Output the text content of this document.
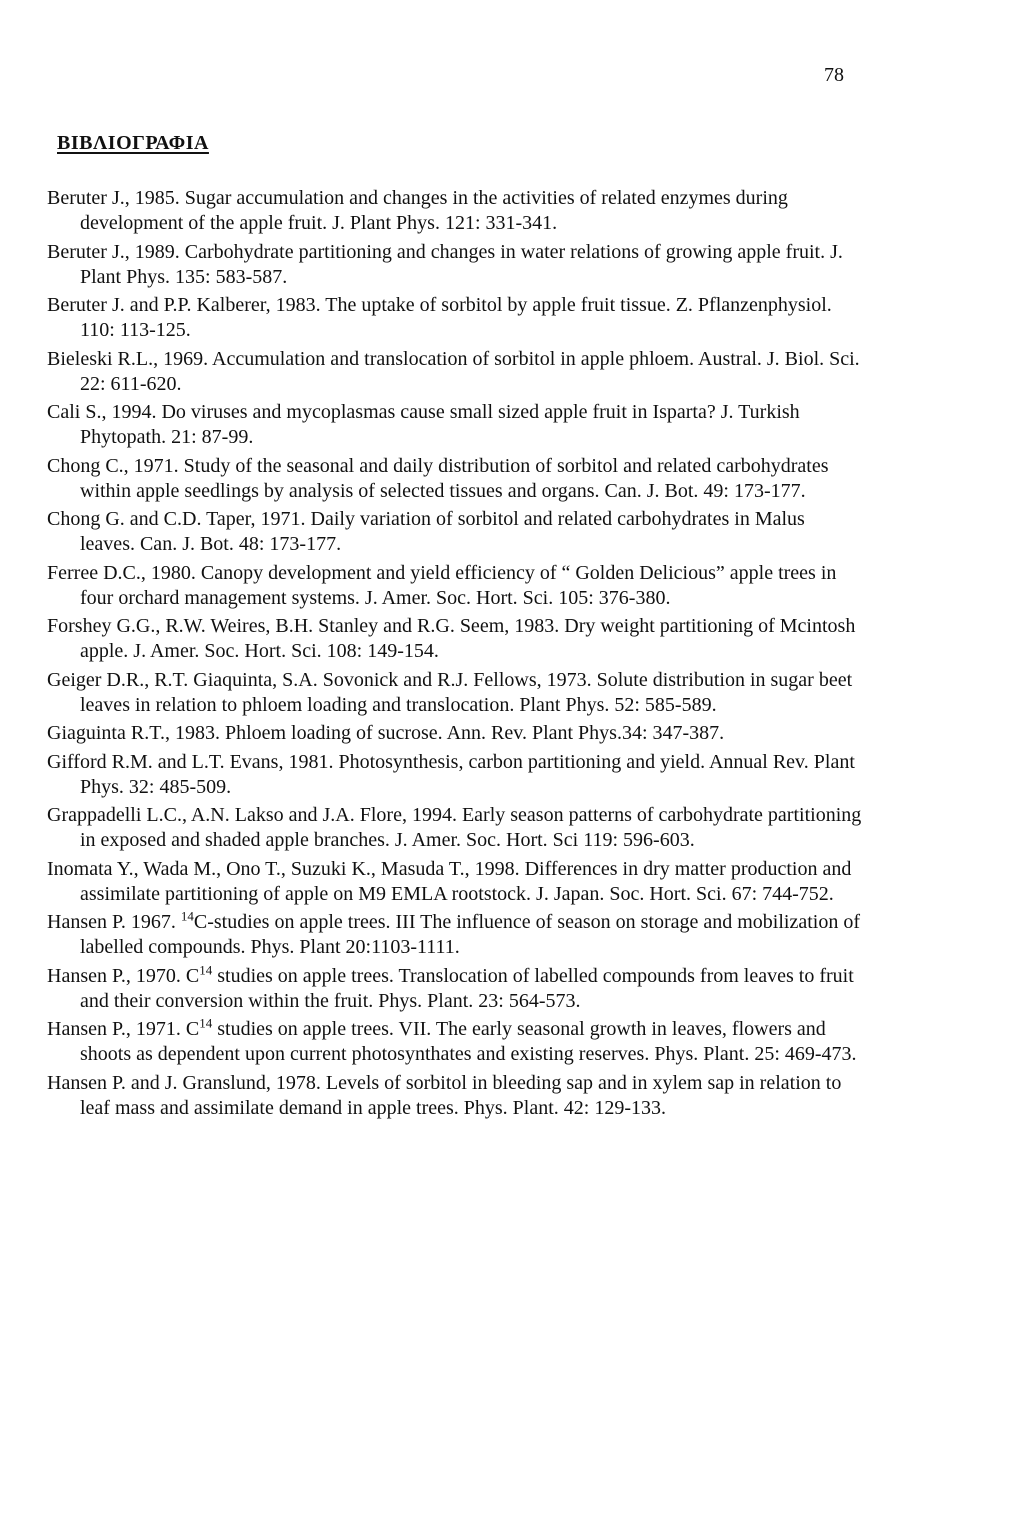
78
ΒΙΒΛΙΟΓΡΑΦΙΑ
Beruter J., 1985. Sugar accumulation and changes in the activities of related enzymes during development of the apple fruit. J. Plant Phys. 121: 331-341.
Beruter J., 1989. Carbohydrate partitioning and changes in water relations of growing apple fruit. J. Plant Phys. 135: 583-587.
Beruter J. and P.P. Kalberer, 1983. The uptake of sorbitol by apple fruit tissue. Z. Pflanzenphysiol. 110: 113-125.
Bieleski R.L., 1969. Accumulation and translocation of sorbitol in apple phloem. Austral. J. Biol. Sci. 22: 611-620.
Cali S., 1994. Do viruses and mycoplasmas cause small sized apple fruit in Isparta? J. Turkish Phytopath. 21: 87-99.
Chong C., 1971. Study of the seasonal and daily distribution of sorbitol and related carbohydrates within apple seedlings by analysis of selected tissues and organs. Can. J. Bot. 49: 173-177.
Chong G. and C.D. Taper, 1971. Daily variation of sorbitol and related carbohydrates in Malus leaves. Can. J. Bot. 48: 173-177.
Ferree D.C., 1980. Canopy development and yield efficiency of “ Golden Delicious” apple trees in four orchard management systems. J. Amer. Soc. Hort. Sci. 105: 376-380.
Forshey G.G., R.W. Weires, B.H. Stanley and R.G. Seem, 1983. Dry weight partitioning of Mcintosh apple. J. Amer. Soc. Hort. Sci. 108: 149-154.
Geiger D.R., R.T. Giaquinta, S.A. Sovonick and R.J. Fellows, 1973. Solute distribution in sugar beet leaves in relation to phloem loading and translocation. Plant Phys. 52: 585-589.
Giaguinta R.T., 1983. Phloem loading of sucrose. Ann. Rev. Plant Phys.34: 347-387.
Gifford R.M. and L.T. Evans, 1981. Photosynthesis, carbon partitioning and yield. Annual Rev. Plant Phys. 32: 485-509.
Grappadelli L.C., A.N. Lakso and J.A. Flore, 1994. Early season patterns of carbohydrate partitioning in exposed and shaded apple branches. J. Amer. Soc. Hort. Sci 119: 596-603.
Inomata Y., Wada M., Ono T., Suzuki K., Masuda T., 1998. Differences in dry matter production and assimilate partitioning of apple on M9 EMLA rootstock. J. Japan. Soc. Hort. Sci. 67: 744-752.
Hansen P. 1967. $^{14}$C-studies on apple trees. III The influence of season on storage and mobilization of labelled compounds. Phys. Plant 20:1103-1111.
Hansen P., 1970. $C^{14}$ studies on apple trees. Translocation of labelled compounds from leaves to fruit and their conversion within the fruit. Phys. Plant. 23: 564-573.
Hansen P., 1971. $C^{14}$ studies on apple trees. VII. The early seasonal growth in leaves, flowers and shoots as dependent upon current photosynthates and existing reserves. Phys. Plant. 25: 469-473.
Hansen P. and J. Granslund, 1978. Levels of sorbitol in bleeding sap and in xylem sap in relation to leaf mass and assimilate demand in apple trees. Phys. Plant. 42: 129-133.
